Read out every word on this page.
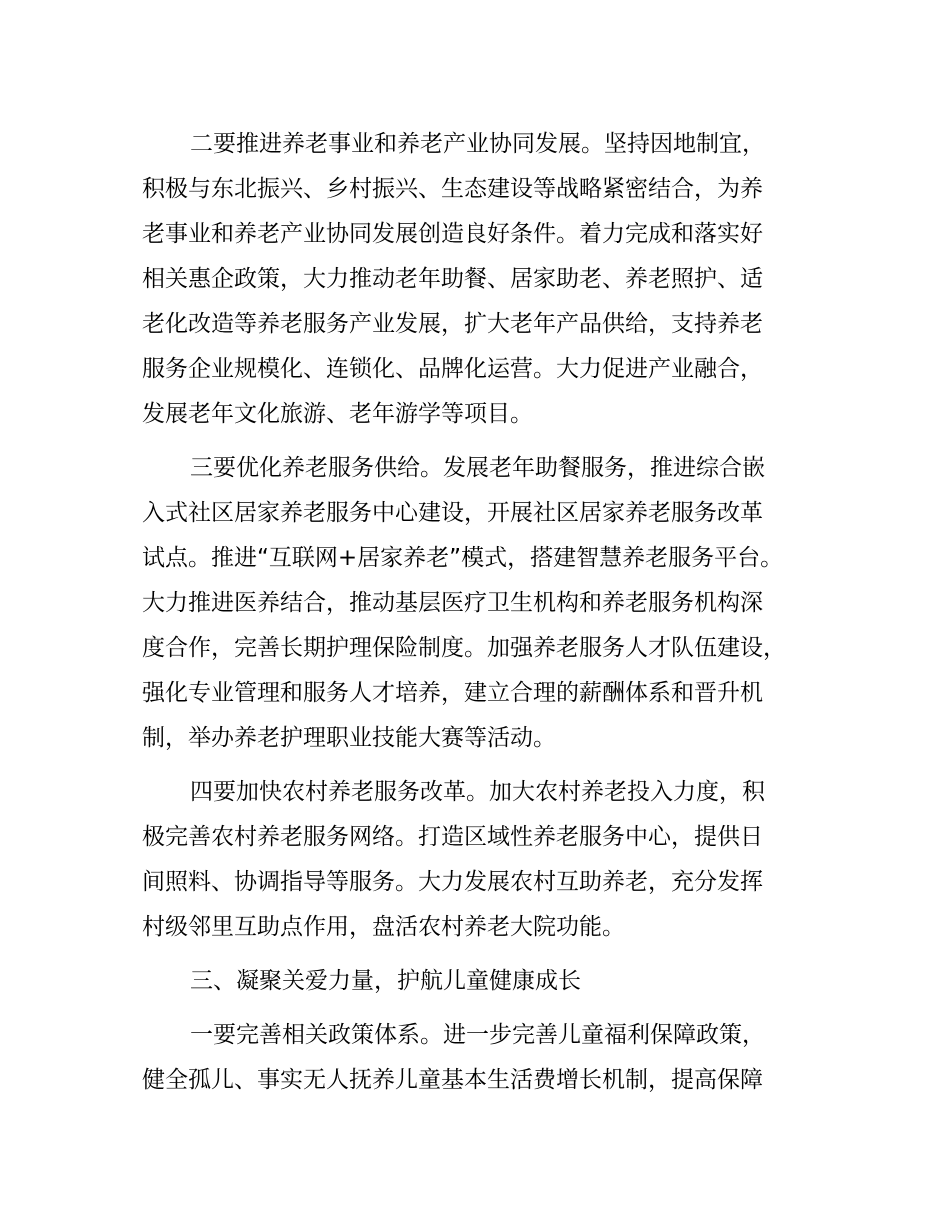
二要推进养老事业和养老产业协同发展。坚持因地制宜，
积极与东北振兴、乡村振兴、生态建设等战略紧密结合，为养
老事业和养老产业协同发展创造良好条件。着力完成和落实好
相关惠企政策，大力推动老年助餐、居家助老、养老照护、适
老化改造等养老服务产业发展，扩大老年产品供给，支持养老
服务企业规模化、连锁化、品牌化运营。大力促进产业融合，
发展老年文化旅游、老年游学等项目。
三要优化养老服务供给。发展老年助餐服务，推进综合嵌
入式社区居家养老服务中心建设，开展社区居家养老服务改革
试点。推进“互联网+居家养老”模式，搭建智慧养老服务平台。
大力推进医养结合，推动基层医疗卫生机构和养老服务机构深
度合作，完善长期护理保险制度。加强养老服务人才队伍建设，
强化专业管理和服务人才培养，建立合理的薪酬体系和晋升机
制，举办养老护理职业技能大赛等活动。
四要加快农村养老服务改革。加大农村养老投入力度，积
极完善农村养老服务网络。打造区域性养老服务中心，提供日
间照料、协调指导等服务。大力发展农村互助养老，充分发挥
村级邻里互助点作用，盘活农村养老大院功能。
三、凝聚关爱力量，护航儿童健康成长
一要完善相关政策体系。进一步完善儿童福利保障政策，
健全孤儿、事实无人抚养儿童基本生活费增长机制，提高保障
